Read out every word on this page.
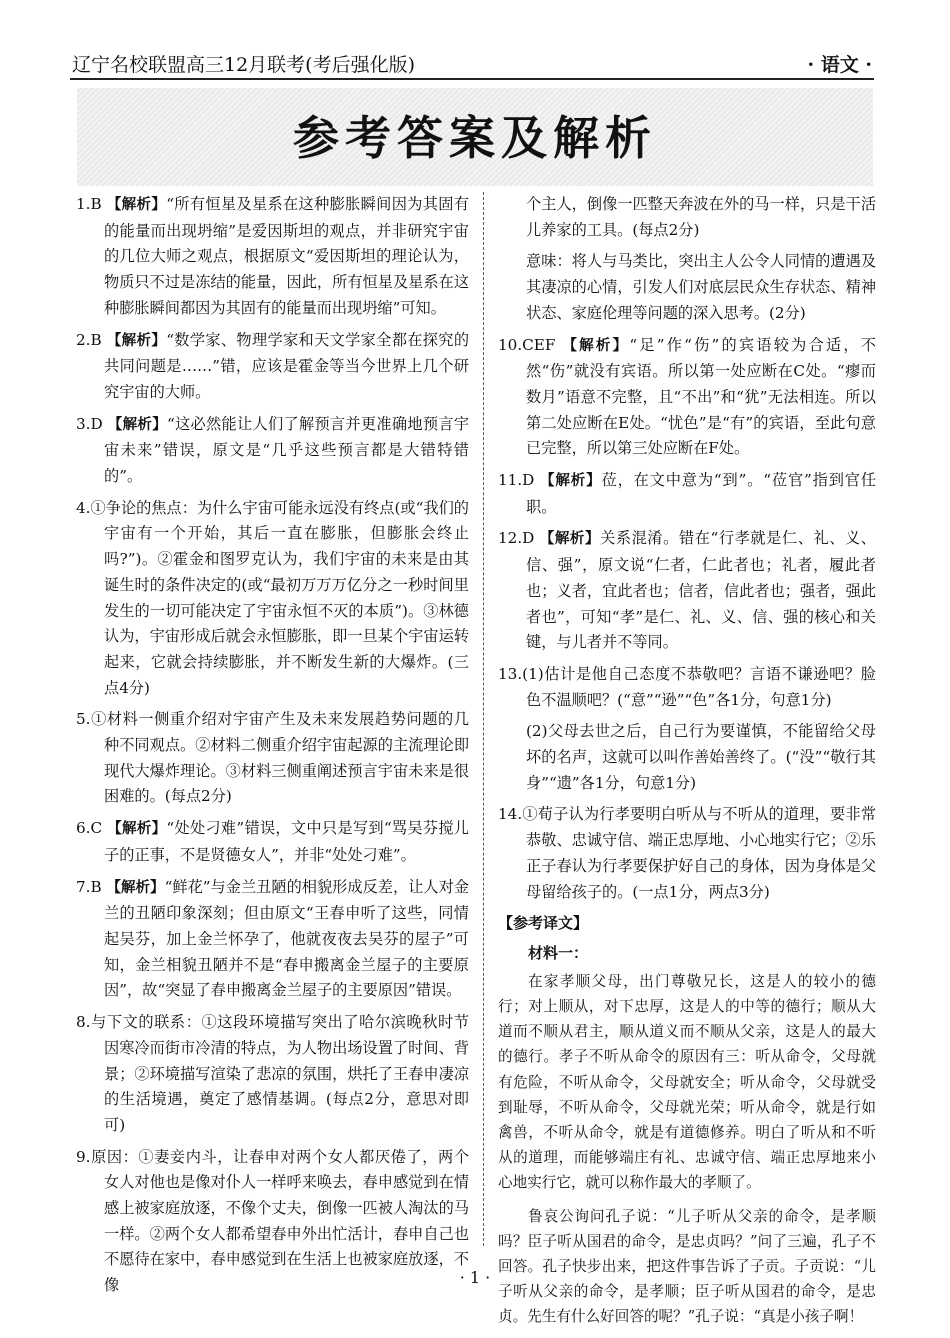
辽宁名校联盟高三12月联考(考后强化版)	· 语文 ·
参考答案及解析

1.B 【解析】“所有恒星及星系在这种膨胀瞬间因为其固有的能量而出现坍缩”是爱因斯坦的观点，并非研究宇宙的几位大师之观点，根据原文“爱因斯坦的理论认为，物质只不过是冻结的能量，因此，所有恒星及星系在这种膨胀瞬间都因为其固有的能量而出现坍缩”可知。

2.B 【解析】“数学家、物理学家和天文学家全都在探究的共同问题是……”错，应该是霍金等当今世界上几个研究宇宙的大师。

3.D 【解析】“这必然能让人们了解预言并更准确地预言宇宙未来”错误，原文是“几乎这些预言都是大错特错的”。

4.①争论的焦点：为什么宇宙可能永远没有终点(或“我们的宇宙有一个开始，其后一直在膨胀，但膨胀会终止吗?”)。②霍金和图罗克认为，我们宇宙的未来是由其诞生时的条件决定的(或“最初万万万亿分之一秒时间里发生的一切可能决定了宇宙永恒不灭的本质”)。③林德认为，宇宙形成后就会永恒膨胀，即一旦某个宇宙运转起来，它就会持续膨胀，并不断发生新的大爆炸。(三点4分)

5.①材料一侧重介绍对宇宙产生及未来发展趋势问题的几种不同观点。②材料二侧重介绍宇宙起源的主流理论即现代大爆炸理论。③材料三侧重阐述预言宇宙未来是很困难的。(每点2分)

6.C 【解析】“处处刁难”错误，文中只是写到“骂吴芬搅儿子的正事，不是贤德女人”，并非“处处刁难”。

7.B 【解析】“鲜花”与金兰丑陋的相貌形成反差，让人对金兰的丑陋印象深刻；但由原文“王春申听了这些，同情起吴芬，加上金兰怀孕了，他就夜夜去吴芬的屋子”可知，金兰相貌丑陋并不是“春申搬离金兰屋子的主要原因”，故“突显了春申搬离金兰屋子的主要原因”错误。

8.与下文的联系：①这段环境描写突出了哈尔滨晚秋时节因寒冷而街市冷清的特点，为人物出场设置了时间、背景；②环境描写渲染了悲凉的氛围，烘托了王春申凄凉的生活境遇，奠定了感情基调。(每点2分，意思对即可)

9.原因：①妻妾内斗，让春申对两个女人都厌倦了，两个女人对他也是像对仆人一样呼来唤去，春申感觉到在情感上被家庭放逐，不像个丈夫，倒像一匹被人淘汰的马一样。②两个女人都希望春申外出忙活计，春申自己也不愿待在家中，春申感觉到在生活上也被家庭放逐，不像

个主人，倒像一匹整天奔波在外的马一样，只是干活儿养家的工具。(每点2分)

意味：将人与马类比，突出主人公令人同情的遭遇及其凄凉的心情，引发人们对底层民众生存状态、精神状态、家庭伦理等问题的深入思考。(2分)

10.CEF 【解析】“足”作“伤”的宾语较为合适，不然“伤”就没有宾语。所以第一处应断在C处。“瘳而数月”语意不完整，且“不出”和“犹”无法相连。所以第二处应断在E处。“忧色”是“有”的宾语，至此句意已完整，所以第三处应断在F处。

11.D 【解析】莅，在文中意为“到”。“莅官”指到官任职。

12.D 【解析】关系混淆。错在“行孝就是仁、礼、义、信、强”，原文说“仁者，仁此者也；礼者，履此者也；义者，宜此者也；信者，信此者也；强者，强此者也”，可知“孝”是仁、礼、义、信、强的核心和关键，与儿者并不等同。

13.(1)估计是他自己态度不恭敬吧？言语不谦逊吧？脸色不温顺吧？(“意”“逊”“色”各1分，句意1分)

(2)父母去世之后，自己行为要谨慎，不能留给父母坏的名声，这就可以叫作善始善终了。(“没”“敬行其身”“遗”各1分，句意1分)

14.①荀子认为行孝要明白听从与不听从的道理，要非常恭敬、忠诚守信、端正忠厚地、小心地实行它；②乐正子春认为行孝要保护好自己的身体，因为身体是父母留给孩子的。(一点1分，两点3分)

【参考译文】
材料一：

在家孝顺父母，出门尊敬兄长，这是人的较小的德行；对上顺从，对下忠厚，这是人的中等的德行；顺从大道而不顺从君主，顺从道义而不顺从父亲，这是人的最大的德行。孝子不听从命令的原因有三：听从命令，父母就有危险，不听从命令，父母就安全；听从命令，父母就受到耻辱，不听从命令，父母就光荣；听从命令，就是行如禽兽，不听从命令，就是有道德修养。明白了听从和不听从的道理，而能够端庄有礼、忠诚守信、端正忠厚地来小心地实行它，就可以称作最大的孝顺了。

鲁哀公询问孔子说：“儿子听从父亲的命令，是孝顺吗？臣子听从国君的命令，是忠贞吗？”问了三遍，孔子不回答。孔子快步出来，把这件事告诉了子贡。子贡说：“儿子听从父亲的命令，是孝顺；臣子听从国君的命令，是忠贞。先生有什么好回答的呢？”孔子说：“真是小孩子啊！

· 1 ·
